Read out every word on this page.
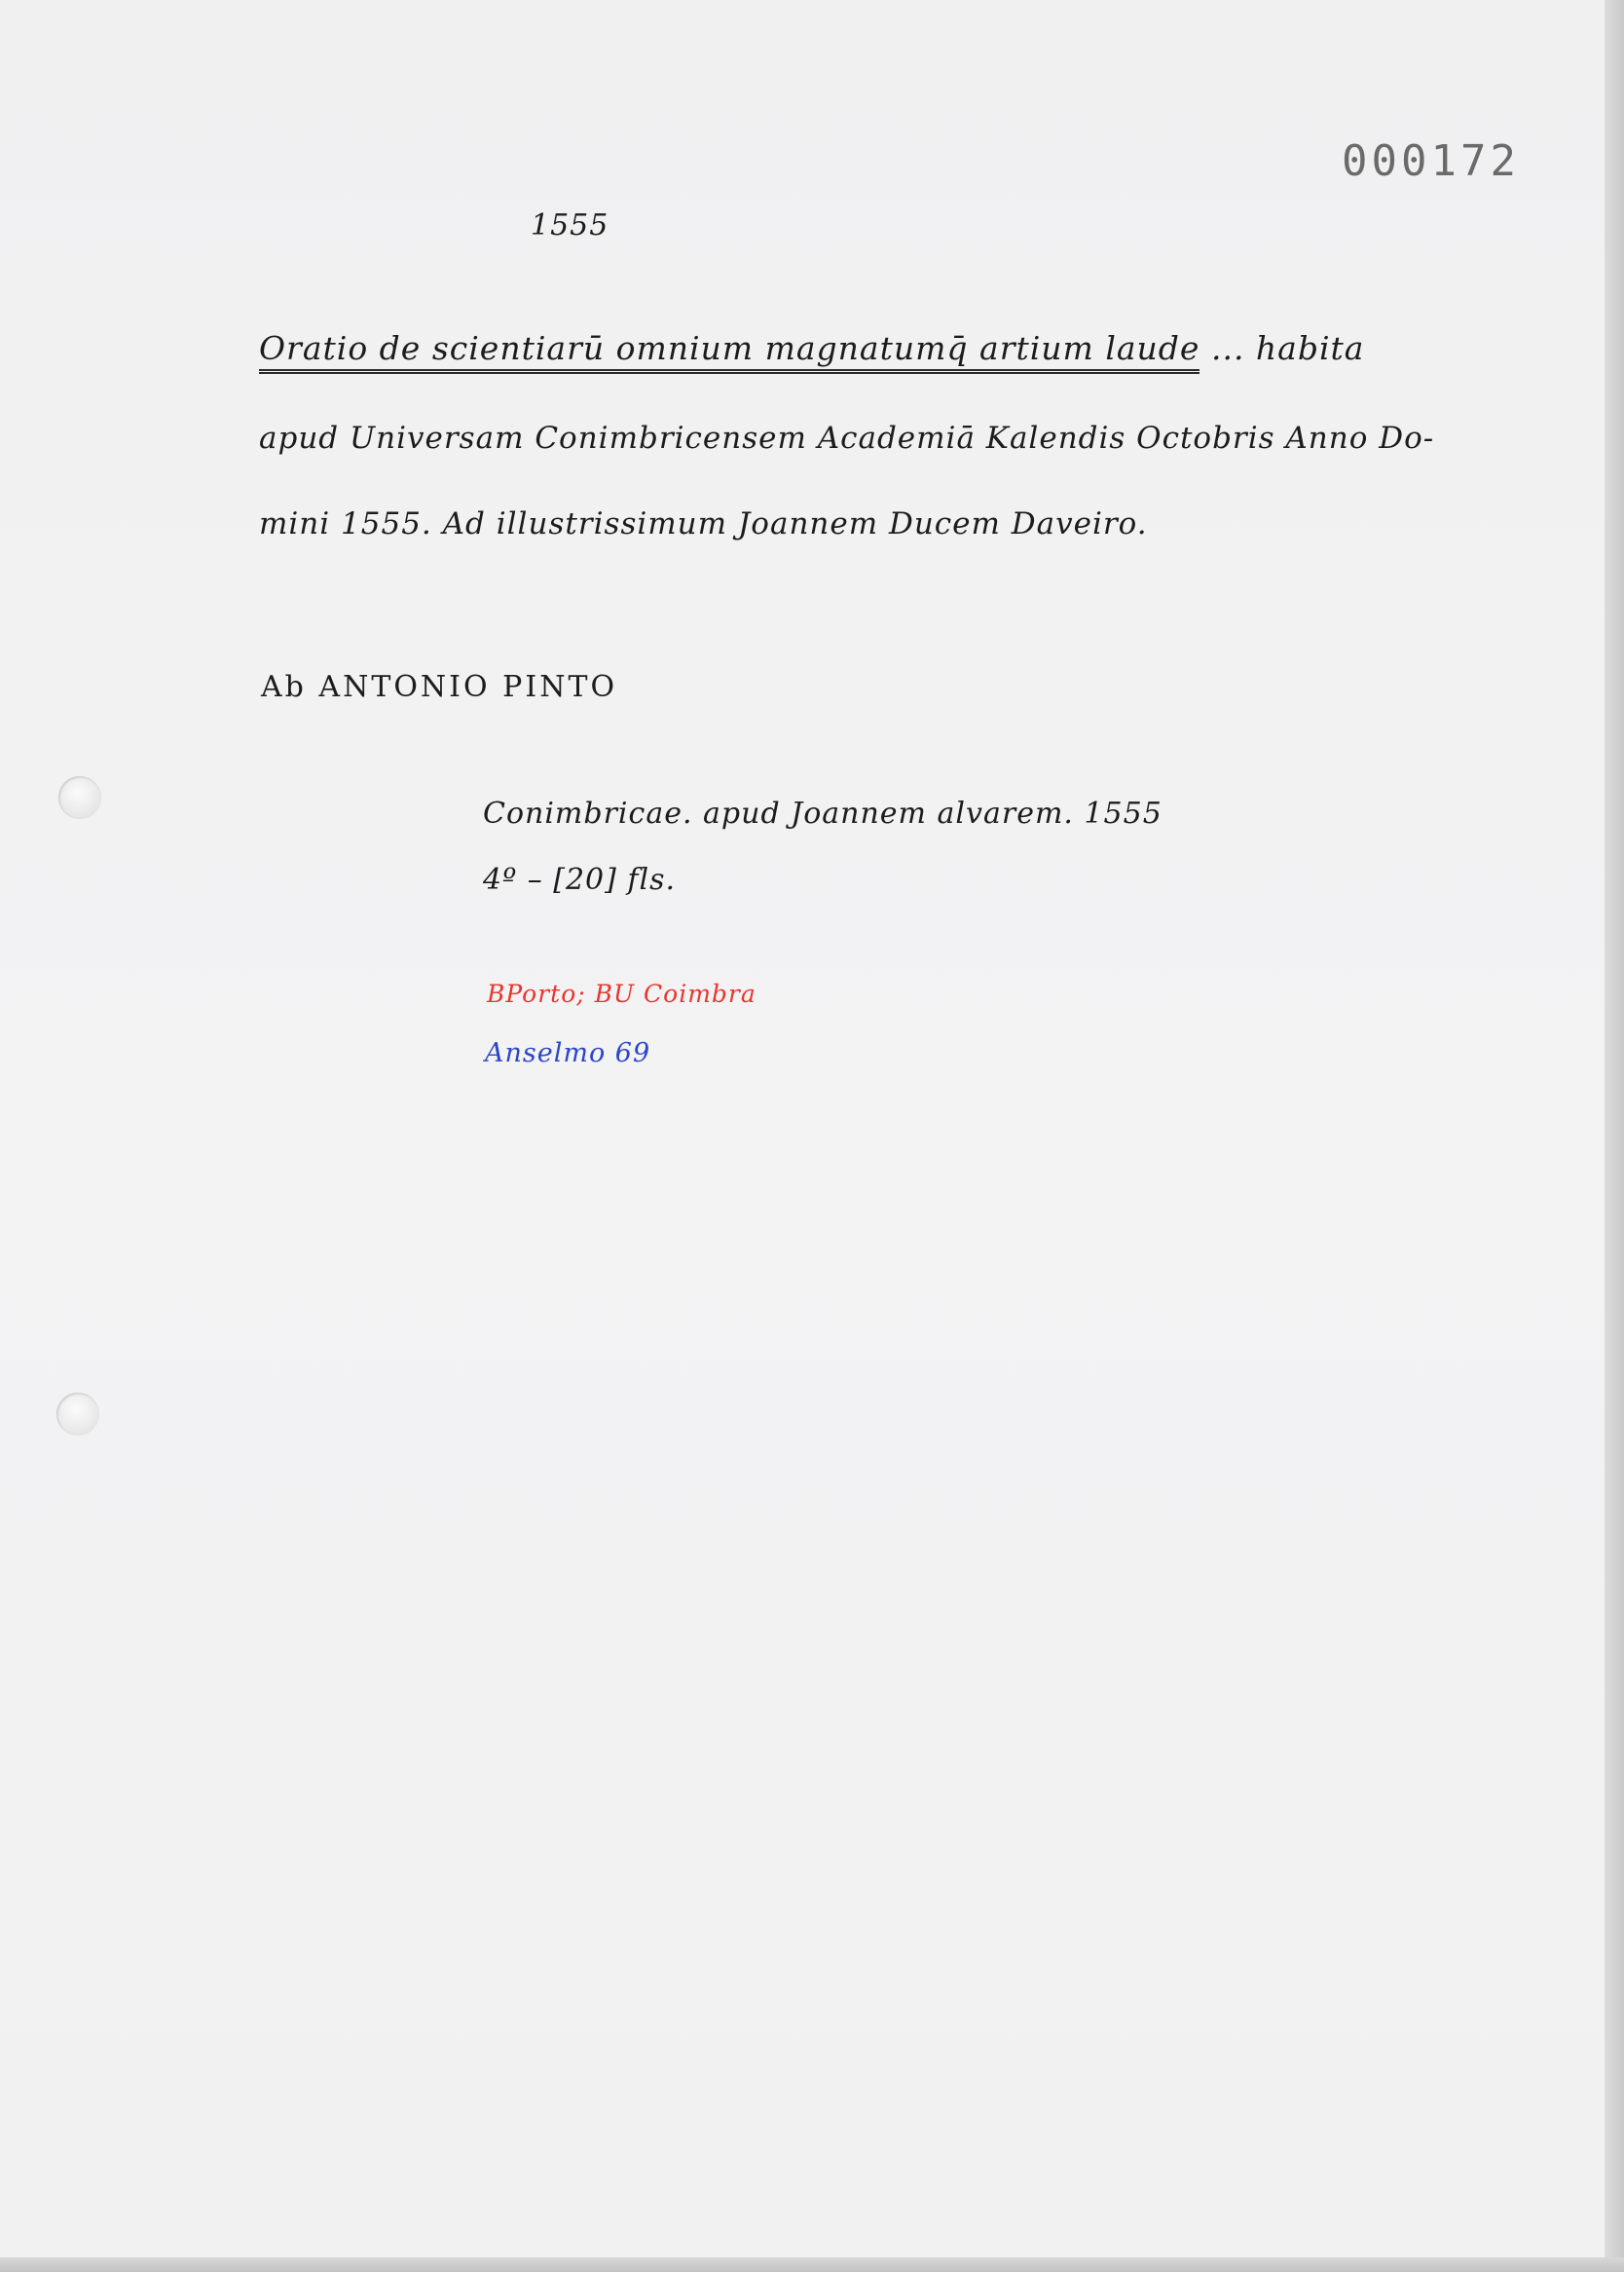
000172
1555
Oratio de scientiarū omnium magnatumq̄ artium laude ... habita
apud Universam Conimbricensem Academiā Kalendis Octobris Anno Do-
mini 1555. Ad illustrissimum Joannem Ducem Daveiro.
Ab ANTONIO PINTO
Conimbricae. apud Joannem alvarem. 1555
4º – [20] fls.
BPorto; BU Coimbra
Anselmo 69
